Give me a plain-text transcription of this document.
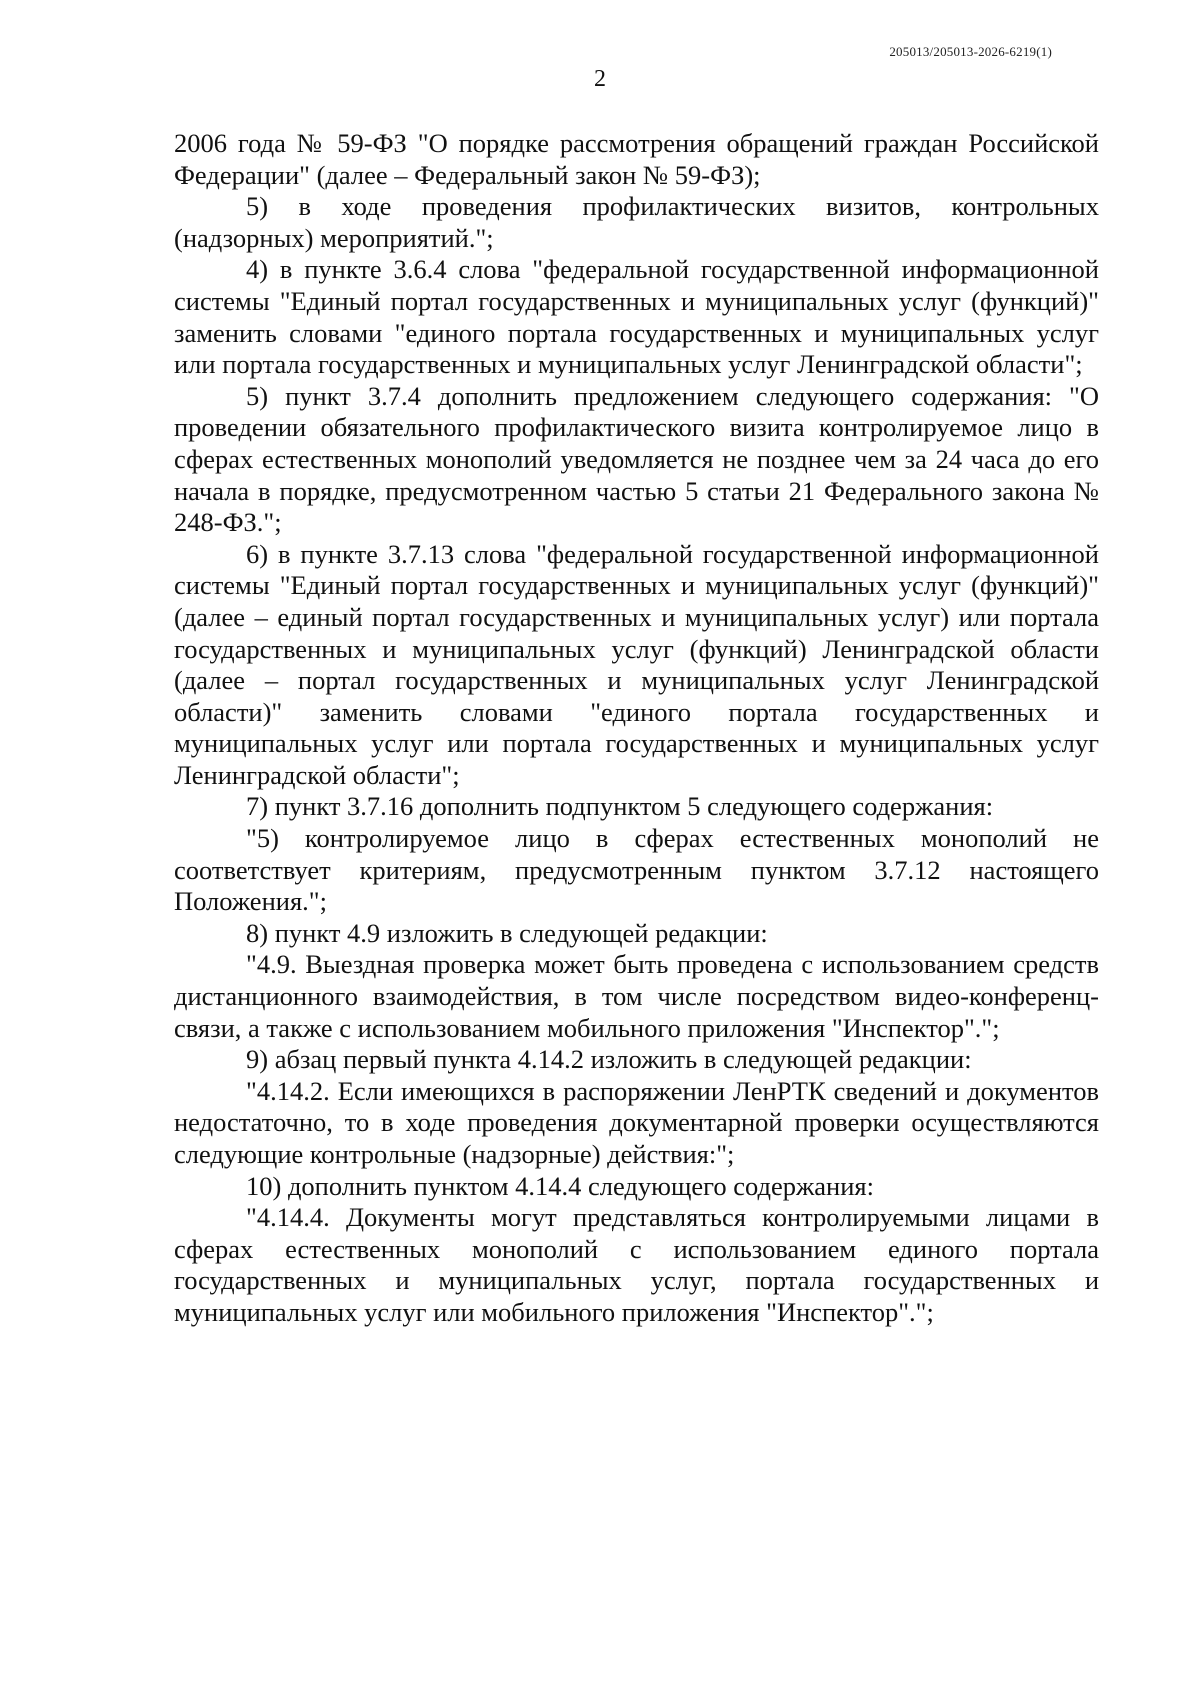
205013/205013-2026-6219(1)
2

2006 года № 59-ФЗ "О порядке рассмотрения обращений граждан Российской Федерации" (далее – Федеральный закон № 59-ФЗ);

5) в ходе проведения профилактических визитов, контрольных (надзорных) мероприятий.";

4) в пункте 3.6.4 слова "федеральной государственной информационной системы "Единый портал государственных и муниципальных услуг (функций)" заменить словами "единого портала государственных и муниципальных услуг или портала государственных и муниципальных услуг Ленинградской области";

5) пункт 3.7.4 дополнить предложением следующего содержания: "О проведении обязательного профилактического визита контролируемое лицо в сферах естественных монополий уведомляется не позднее чем за 24 часа до его начала в порядке, предусмотренном частью 5 статьи 21 Федерального закона № 248-ФЗ.";

6) в пункте 3.7.13 слова "федеральной государственной информационной системы "Единый портал государственных и муниципальных услуг (функций)" (далее – единый портал государственных и муниципальных услуг) или портала государственных и муниципальных услуг (функций) Ленинградской области (далее – портал государственных и муниципальных услуг Ленинградской области)" заменить словами "единого портала государственных и муниципальных услуг или портала государственных и муниципальных услуг Ленинградской области";

7) пункт 3.7.16 дополнить подпунктом 5 следующего содержания:

"5) контролируемое лицо в сферах естественных монополий не соответствует критериям, предусмотренным пунктом 3.7.12 настоящего Положения.";

8) пункт 4.9 изложить в следующей редакции:

"4.9. Выездная проверка может быть проведена с использованием средств дистанционного взаимодействия, в том числе посредством видео-конференц-связи, а также с использованием мобильного приложения "Инспектор".";

9) абзац первый пункта 4.14.2 изложить в следующей редакции:

"4.14.2. Если имеющихся в распоряжении ЛенРТК сведений и документов недостаточно, то в ходе проведения документарной проверки осуществляются следующие контрольные (надзорные) действия:";

10) дополнить пунктом 4.14.4 следующего содержания:

"4.14.4. Документы могут представляться контролируемыми лицами в сферах естественных монополий с использованием единого портала государственных и муниципальных услуг, портала государственных и муниципальных услуг или мобильного приложения "Инспектор".";
